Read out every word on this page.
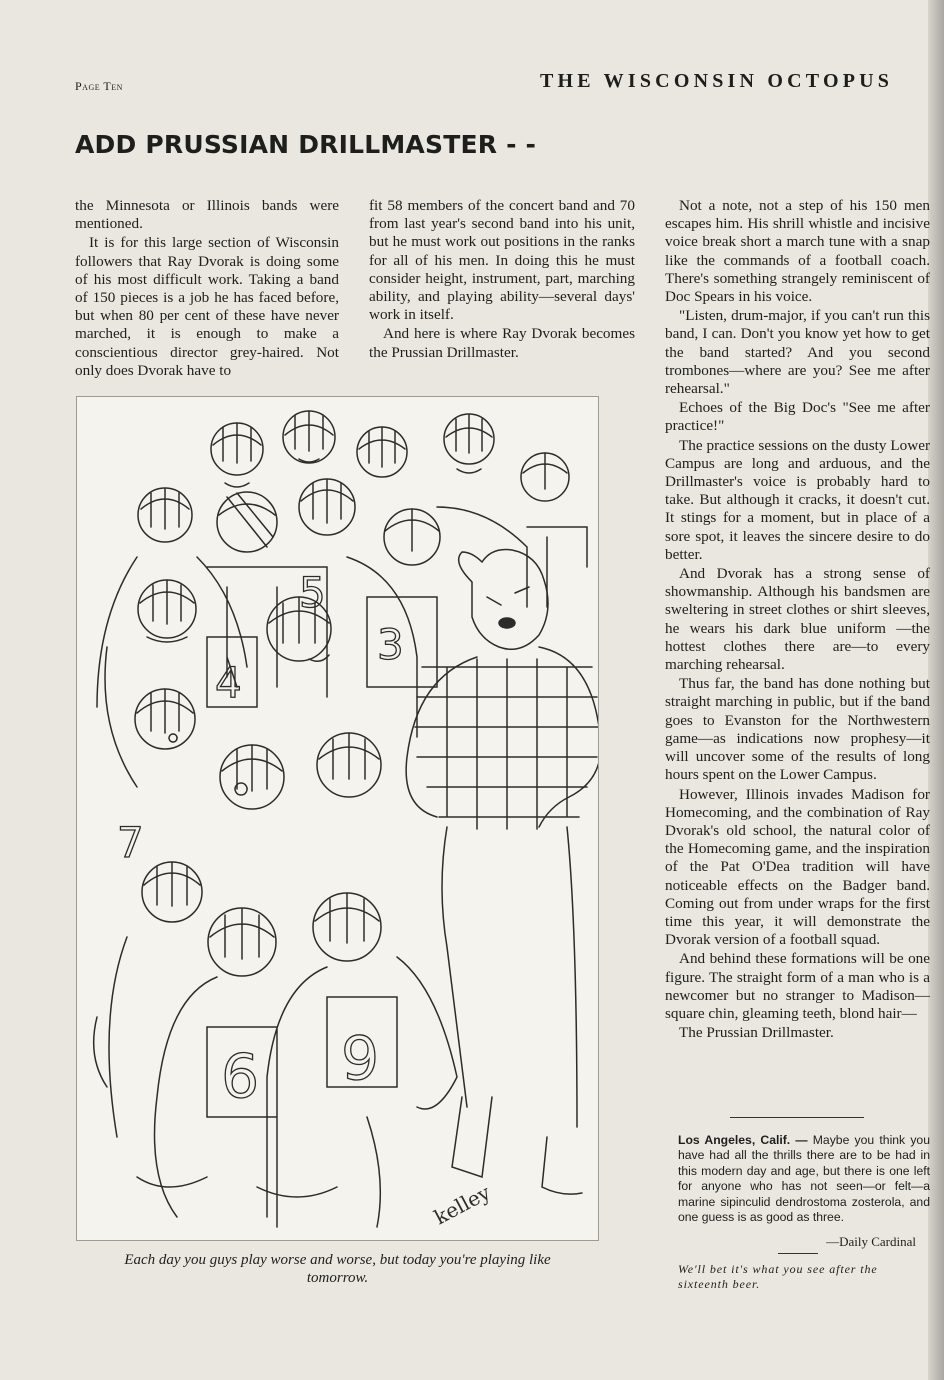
Page Ten	THE WISCONSIN OCTOPUS
ADD PRUSSIAN DRILLMASTER - -

the Minnesota or Illinois bands were mentioned.

It is for this large section of Wisconsin followers that Ray Dvorak is doing some of his most difficult work. Taking a band of 150 pieces is a job he has faced before, but when 80 per cent of these have never marched, it is enough to make a conscientious director grey-haired. Not only does Dvorak have to

fit 58 members of the concert band and 70 from last year's second band into his unit, but he must work out positions in the ranks for all of his men. In doing this he must consider height, instrument, part, marching ability, and playing ability—several days' work in itself.

And here is where Ray Dvorak becomes the Prussian Drillmaster.

Not a note, not a step of his 150 men escapes him. His shrill whistle and incisive voice break short a march tune with a snap like the commands of a football coach. There's something strangely reminiscent of Doc Spears in his voice.

"Listen, drum-major, if you can't run this band, I can. Don't you know yet how to get the band started? And you second trombones—where are you? See me after rehearsal."

Echoes of the Big Doc's "See me after practice!"

The practice sessions on the dusty Lower Campus are long and arduous, and the Drillmaster's voice is probably hard to take. But although it cracks, it doesn't cut. It stings for a moment, but in place of a sore spot, it leaves the sincere desire to do better.

And Dvorak has a strong sense of showmanship. Although his bandsmen are sweltering in street clothes or shirt sleeves, he wears his dark blue uniform —the hottest clothes there are—to every marching rehearsal.

Thus far, the band has done nothing but straight marching in public, but if the band goes to Evanston for the Northwestern game—as indications now prophesy—it will uncover some of the results of long hours spent on the Lower Campus.

However, Illinois invades Madison for Homecoming, and the combination of Ray Dvorak's old school, the natural color of the Homecoming game, and the inspiration of the Pat O'Dea tradition will have noticeable effects on the Badger band. Coming out from under wraps for the first time this year, it will demonstrate the Dvorak version of a football squad.

And behind these formations will be one figure. The straight form of a man who is a newcomer but no stranger to Madison—square chin, gleaming teeth, blond hair—

The Prussian Drillmaster.

4
5
3
7
6 9
kelley
Each day you guys play worse and worse, but today you're playing like tomorrow.
Los Angeles, Calif. — Maybe you think you have had all the thrills there are to be had in this modern day and age, but there is one left for anyone who has not seen—or felt—a marine sipinculid dendrostoma zosterola, and one guess is as good as three.
—Daily Cardinal
We'll bet it's what you see after the sixteenth beer.
